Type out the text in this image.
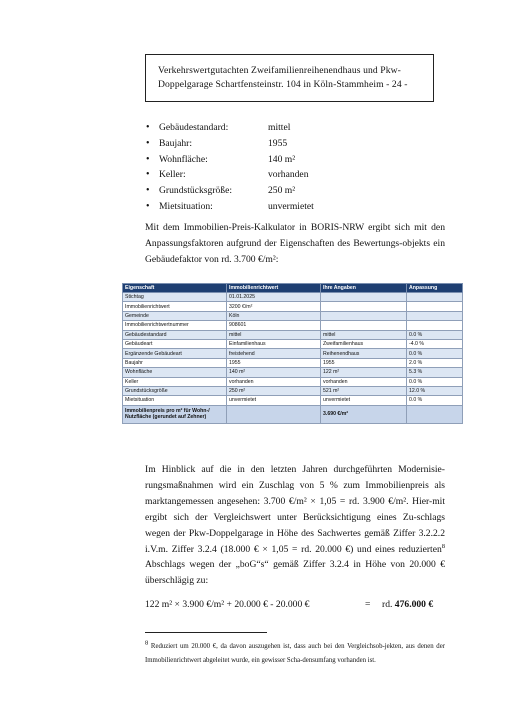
Verkehrswertgutachten Zweifamilienreihenendhaus und Pkw-
Doppelgarage Schartfensteinstr. 104 in Köln-Stammheim - 24 -
• Gebäudestandard:	mittel
• Baujahr:	1955
• Wohnfläche:	140 m²
• Keller:	vorhanden
• Grundstücksgröße:	250 m²
• Mietsituation:	unvermietet

Mit dem Immobilien-Preis-Kalkulator in BORIS-NRW ergibt sich mit den Anpassungsfaktoren aufgrund der Eigenschaften des Bewertungs-objekts ein Gebäudefaktor von rd. 3.700 €/m²:

Eigenschaft	Immobilienrichtwert	Ihre Angaben	Anpassung
Stichtag	01.01.2025		
Immobilienrichtwert	3200 €/m²		
Gemeinde	Köln		
Immobilienrichtwertnummer	908601		
Gebäudestandard	mittel	mittel	0.0 %
Gebäudeart	Einfamilienhaus	Zweifamilienhaus	-4.0 %
Ergänzende Gebäudeart	freistehend	Reihenendhaus	0.0 %
Baujahr	1955	1955	2.0 %
Wohnfläche	140 m²	122 m²	5.3 %
Keller	vorhanden	vorhanden	0.0 %
Grundstücksgröße	250 m²	521 m²	12.0 %
Mietsituation	unvermietet	unvermietet	0.0 %
Immobilienpreis pro m² für Wohn-/ Nutzfläche (gerundet auf Zehner)		3.690 €/m²	

Im Hinblick auf die in den letzten Jahren durchgeführten Modernisie-rungsmaßnahmen wird ein Zuschlag von 5 % zum Immobilienpreis als marktangemessen angesehen: 3.700 €/m² × 1,05 = rd. 3.900 €/m². Hier-mit ergibt sich der Vergleichswert unter Berücksichtigung eines Zu-schlags wegen der Pkw-Doppelgarage in Höhe des Sachwertes gemäß Ziffer 3.2.2.2 i.V.m. Ziffer 3.2.4 (18.000 € × 1,05 = rd. 20.000 €) und eines reduzierten$^8$ Abschlags wegen der „boG“s“ gemäß Ziffer 3.2.4 in Höhe von 20.000 € überschlägig zu:

122 m² × 3.900 €/m² + 20.000 € - 20.000 €	= rd. 476.000 €

$^8$ Reduziert um 20.000 €, da davon auszugehen ist, dass auch bei den Vergleichsob-jekten, aus denen der Immobilienrichtwert abgeleitet wurde, ein gewisser Scha-densumfang vorhanden ist.
